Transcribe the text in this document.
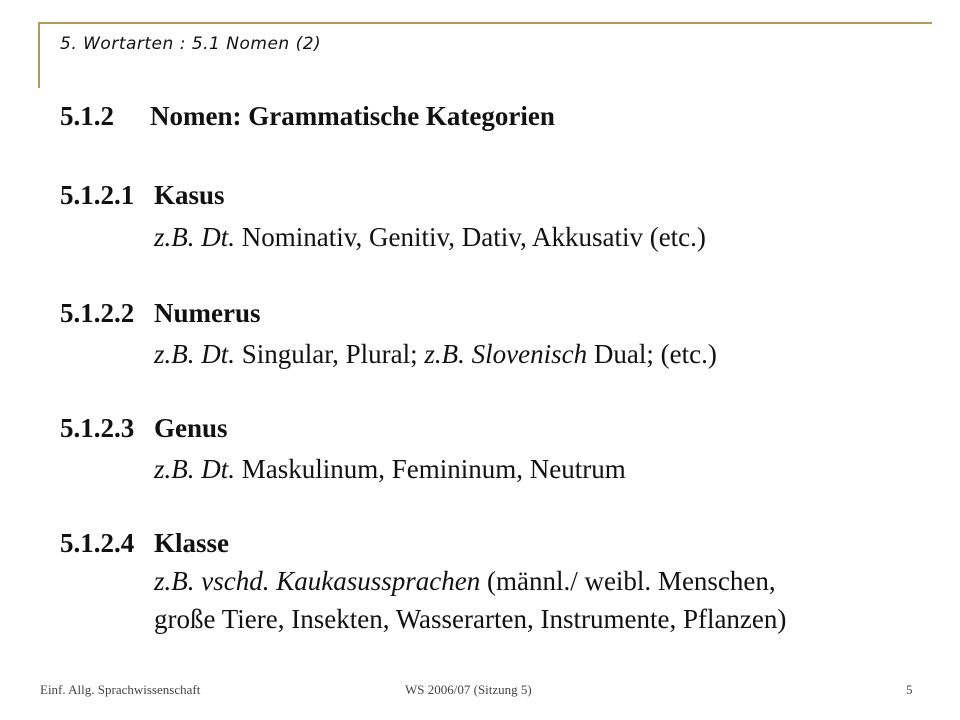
5. Wortarten : 5.1 Nomen (2)
5.1.2 Nomen: Grammatische Kategorien
5.1.2.1 Kasus
z.B. Dt. Nominativ, Genitiv, Dativ, Akkusativ (etc.)
5.1.2.2 Numerus
z.B. Dt. Singular, Plural; z.B. Slovenisch Dual; (etc.)
5.1.2.3 Genus
z.B. Dt. Maskulinum, Femininum, Neutrum
5.1.2.4 Klasse
z.B. vschd. Kaukasussprachen (männl./ weibl. Menschen,
große Tiere, Insekten, Wasserarten, Instrumente, Pflanzen)
Einf. Allg. Sprachwissenschaft	WS 2006/07 (Sitzung 5)	5
